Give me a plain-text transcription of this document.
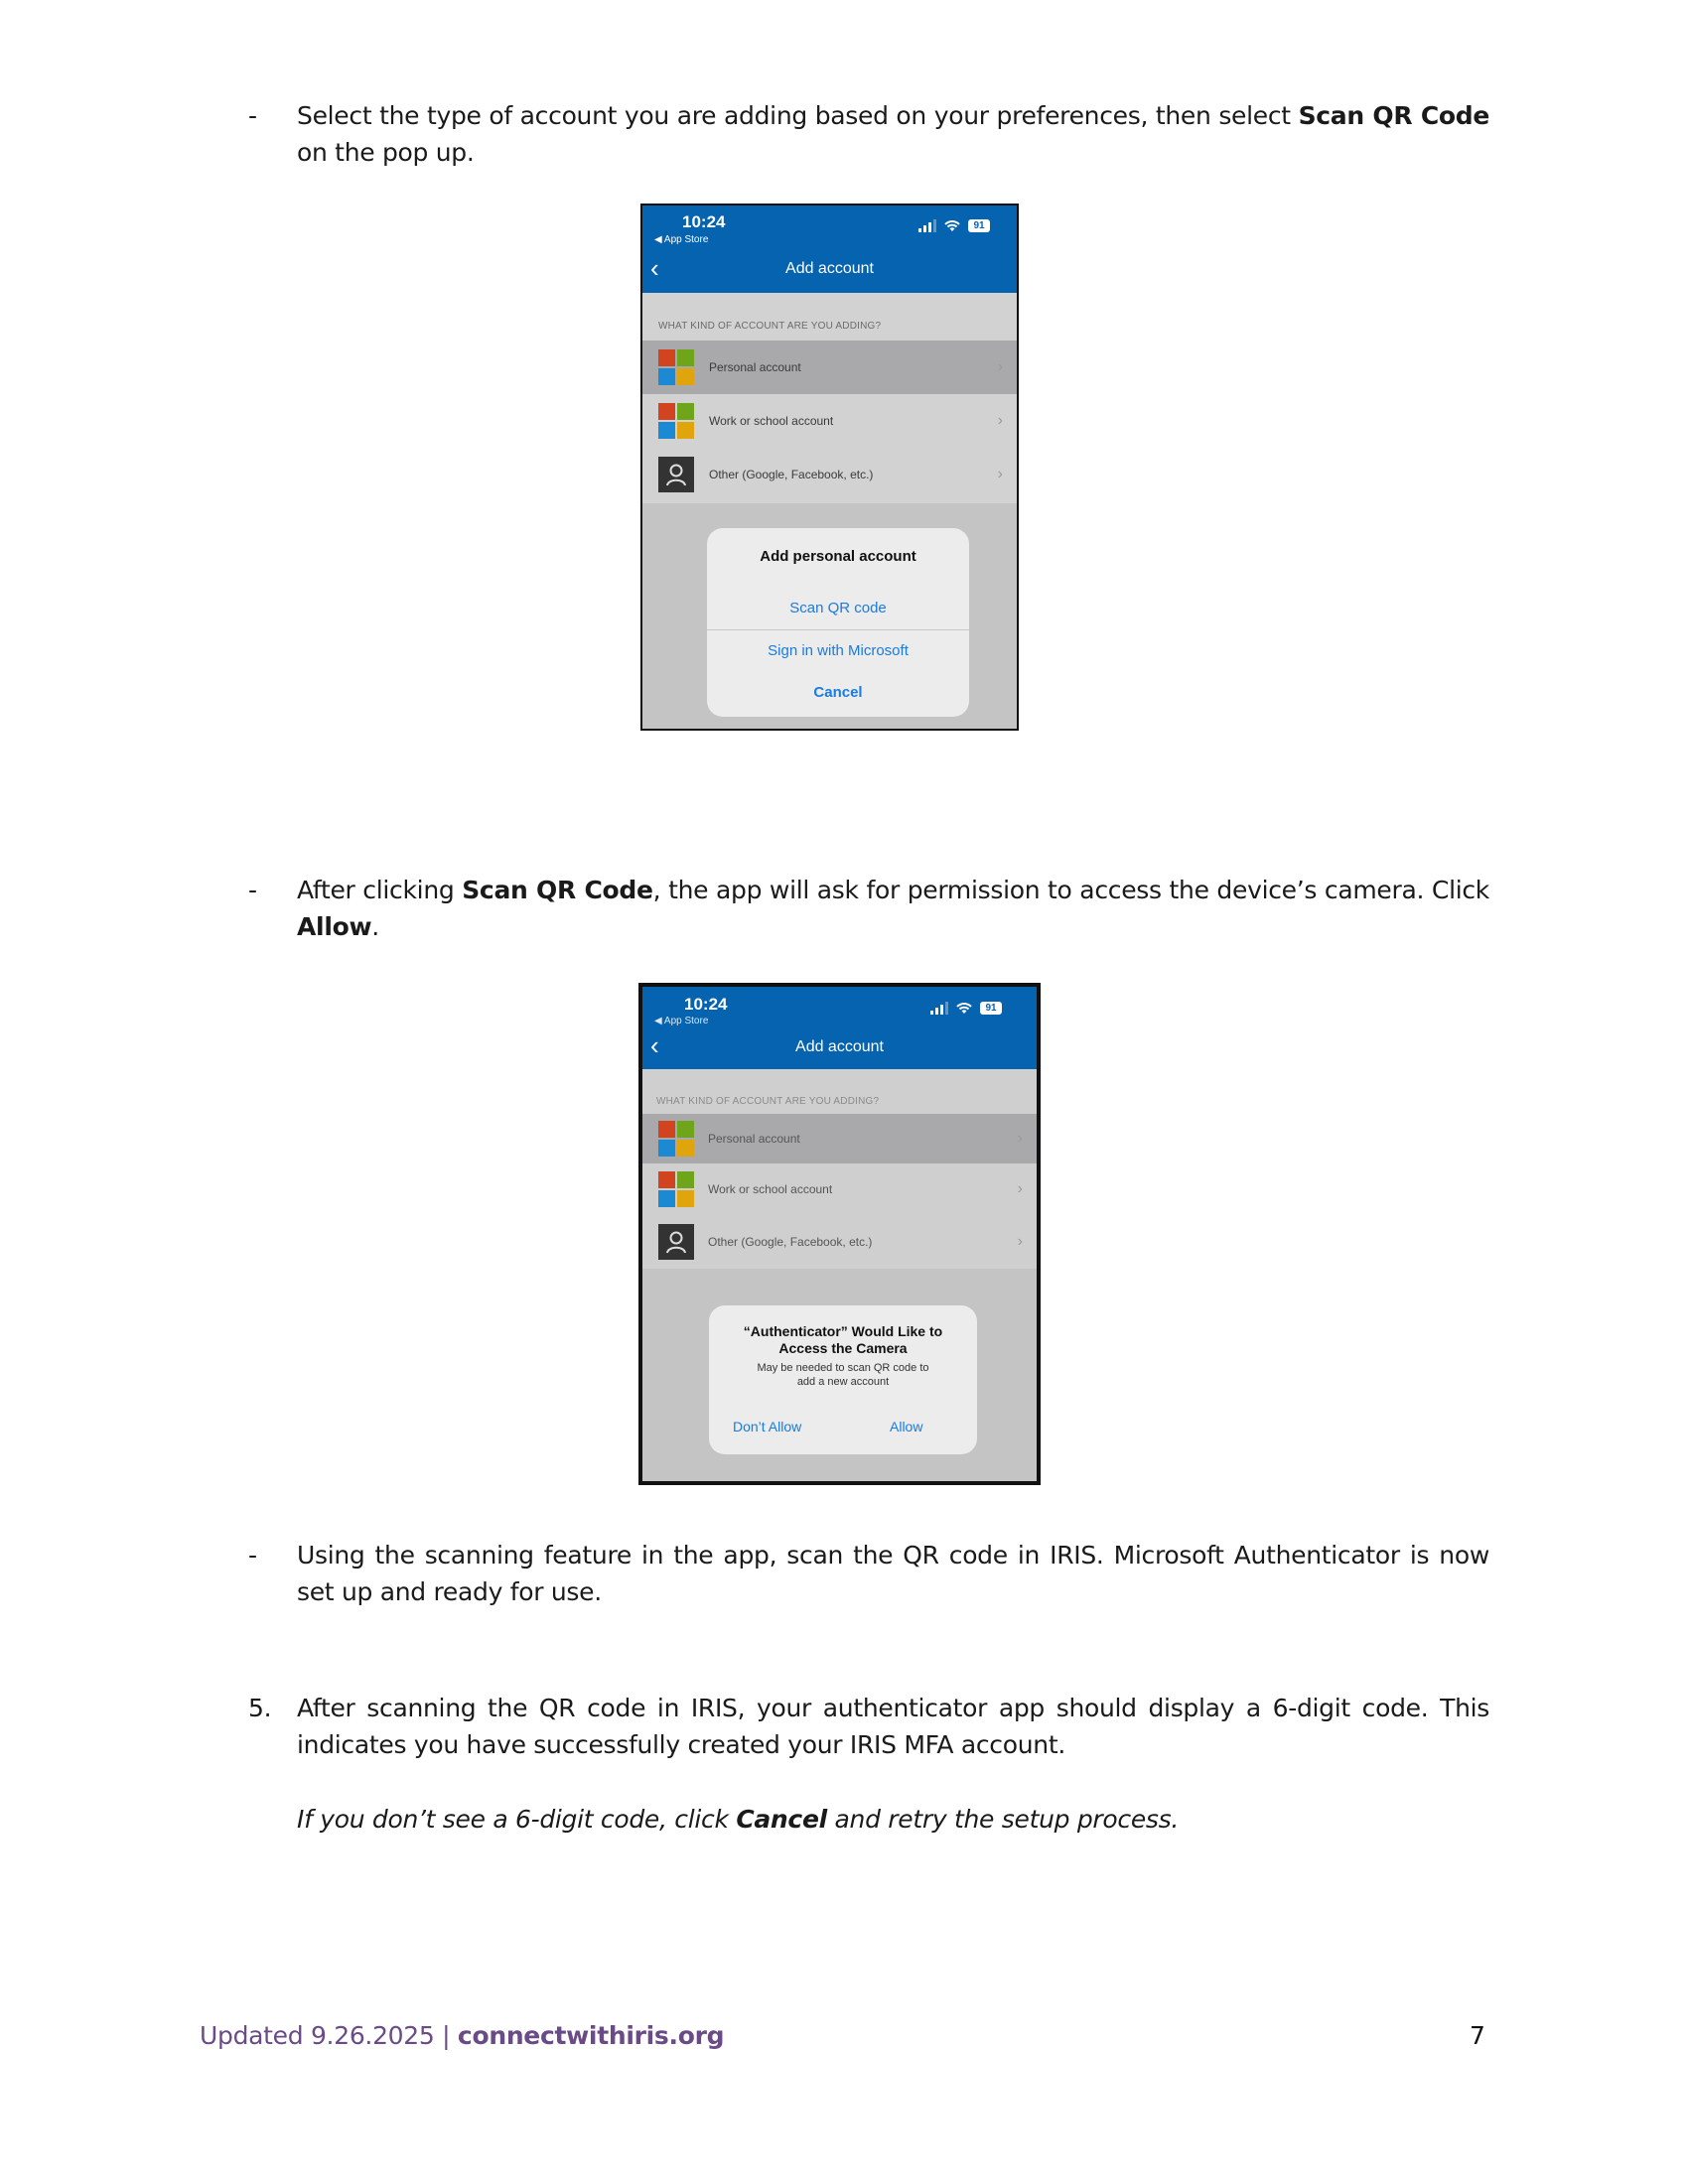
- Select the type of account you are adding based on your preferences, then select Scan QR Code on the pop up.
10:24
◀ App Store
91
‹	Add account
WHAT KIND OF ACCOUNT ARE YOU ADDING?
Personal account	›
Work or school account	›
Other (Google, Facebook, etc.)	›
Add personal account
Scan QR code
Sign in with Microsoft
Cancel
- After clicking Scan QR Code, the app will ask for permission to access the device’s camera. Click Allow.
10:24
◀ App Store
91
‹	Add account
WHAT KIND OF ACCOUNT ARE YOU ADDING?
Personal account	›
Work or school account	›
Other (Google, Facebook, etc.)	›
“Authenticator” Would Like to
Access the Camera
May be needed to scan QR code to
add a new account
Don’t Allow	Allow
- Using the scanning feature in the app, scan the QR code in IRIS. Microsoft Authenticator is now set up and ready for use.
5. After scanning the QR code in IRIS, your authenticator app should display a 6-digit code. This indicates you have successfully created your IRIS MFA account.
If you don’t see a 6-digit code, click Cancel and retry the setup process.
Updated 9.26.2025 | connectwithiris.org	7
